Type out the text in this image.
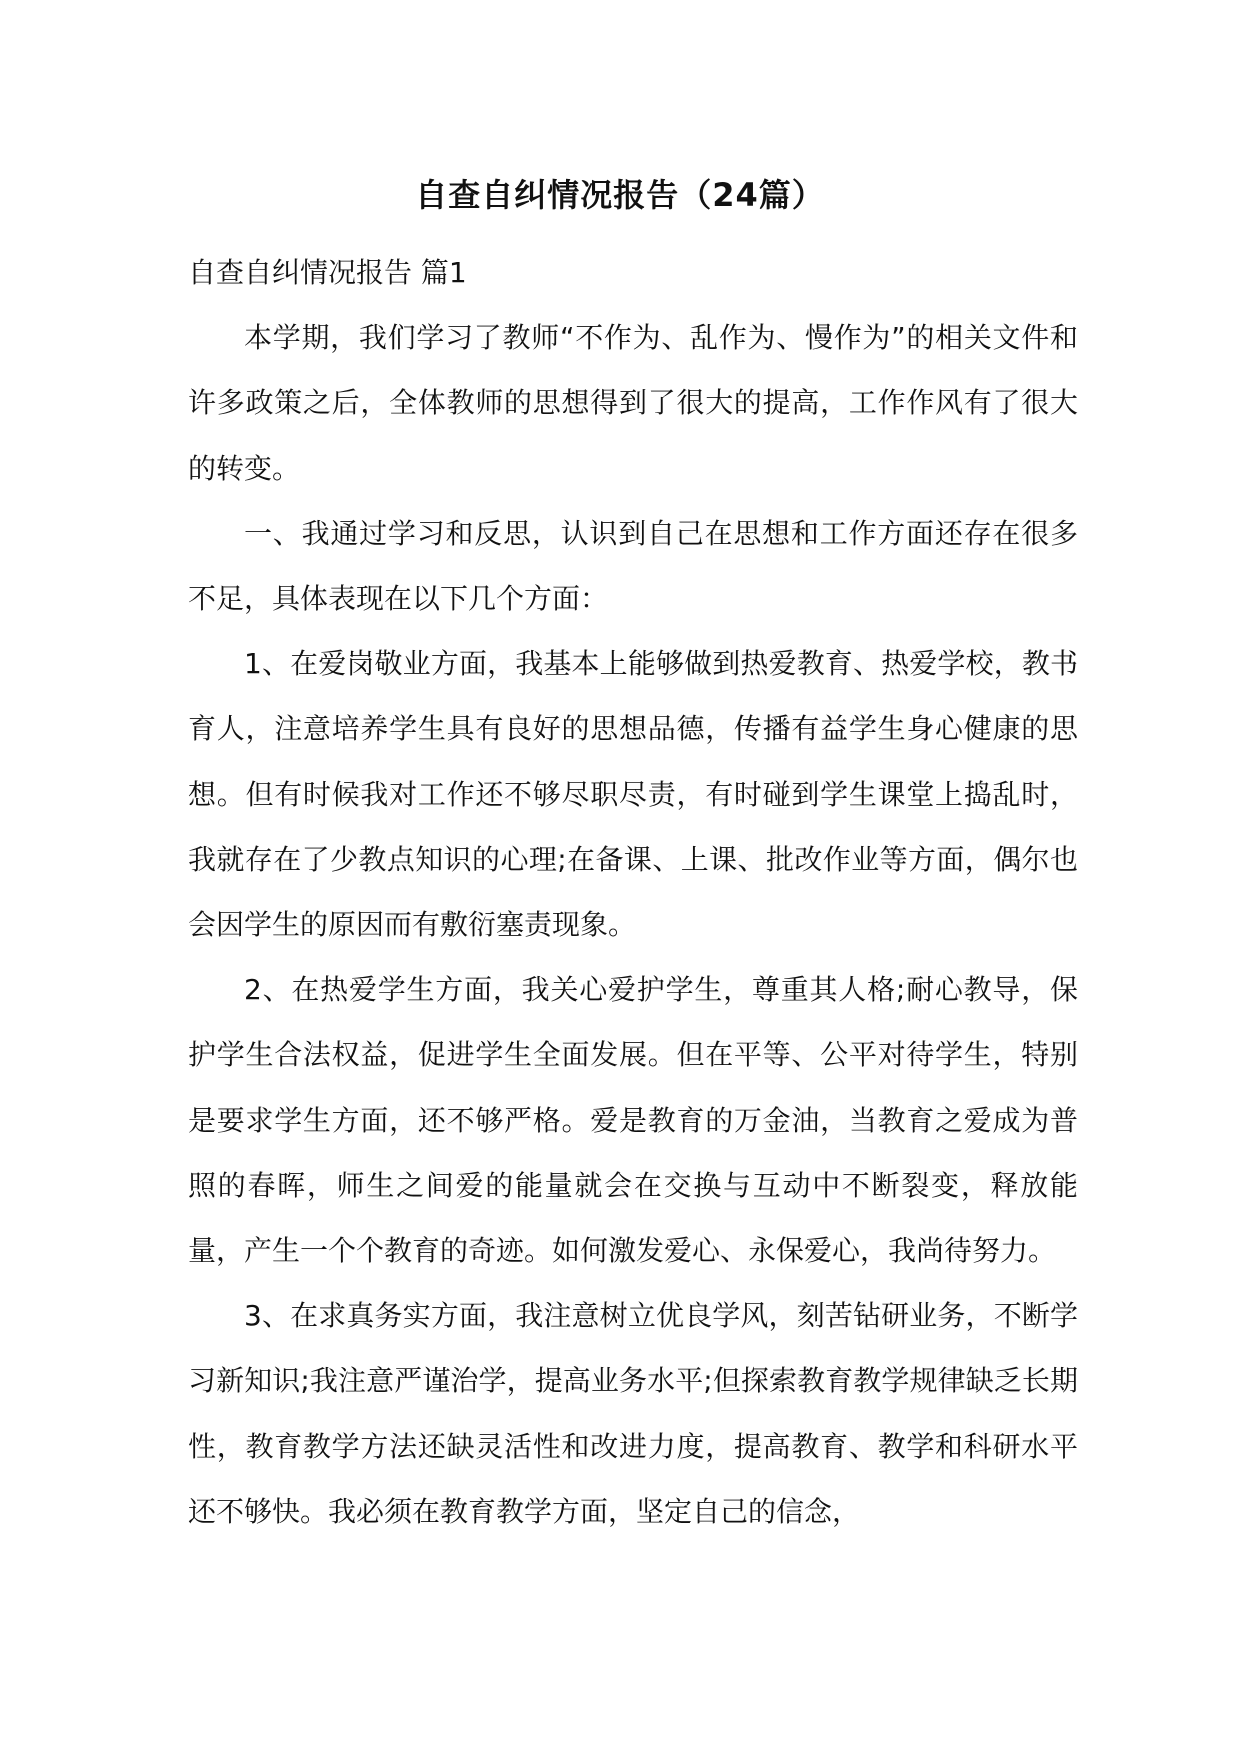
自查自纠情况报告（24篇）

自查自纠情况报告 篇1

本学期，我们学习了教师“不作为、乱作为、慢作为”的相关文件和许多政策之后，全体教师的思想得到了很大的提高，工作作风有了很大的转变。

一、我通过学习和反思，认识到自己在思想和工作方面还存在很多不足，具体表现在以下几个方面：

1、在爱岗敬业方面，我基本上能够做到热爱教育、热爱学校，教书育人，注意培养学生具有良好的思想品德，传播有益学生身心健康的思想。但有时候我对工作还不够尽职尽责，有时碰到学生课堂上捣乱时，我就存在了少教点知识的心理;在备课、上课、批改作业等方面，偶尔也会因学生的原因而有敷衍塞责现象。

2、在热爱学生方面，我关心爱护学生，尊重其人格;耐心教导，保护学生合法权益，促进学生全面发展。但在平等、公平对待学生，特别是要求学生方面，还不够严格。爱是教育的万金油，当教育之爱成为普照的春晖，师生之间爱的能量就会在交换与互动中不断裂变，释放能量，产生一个个教育的奇迹。如何激发爱心、永保爱心，我尚待努力。

3、在求真务实方面，我注意树立优良学风，刻苦钻研业务，不断学习新知识;我注意严谨治学，提高业务水平;但探索教育教学规律缺乏长期性，教育教学方法还缺灵活性和改进力度，提高教育、教学和科研水平还不够快。我必须在教育教学方面，坚定自己的信念，
